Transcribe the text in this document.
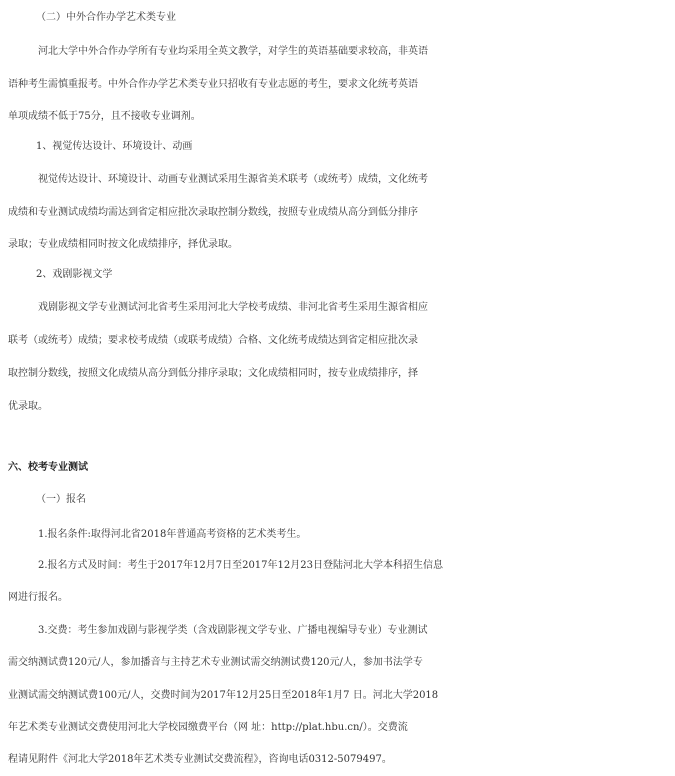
（二）中外合作办学艺术类专业
河北大学中外合作办学所有专业均采用全英文教学，对学生的英语基础要求较高，非英语
语种考生需慎重报考。中外合作办学艺术类专业只招收有专业志愿的考生，要求文化统考英语
单项成绩不低于75分，且不接收专业调剂。
1、视觉传达设计、环境设计、动画
视觉传达设计、环境设计、动画专业测试采用生源省美术联考（或统考）成绩，文化统考
成绩和专业测试成绩均需达到省定相应批次录取控制分数线，按照专业成绩从高分到低分排序
录取；专业成绩相同时按文化成绩排序，择优录取。
2、戏剧影视文学
戏剧影视文学专业测试河北省考生采用河北大学校考成绩、非河北省考生采用生源省相应
联考（或统考）成绩；要求校考成绩（或联考成绩）合格、文化统考成绩达到省定相应批次录
取控制分数线，按照文化成绩从高分到低分排序录取；文化成绩相同时，按专业成绩排序，择
优录取。
六、校考专业测试
（一）报名
1.报名条件:取得河北省2018年普通高考资格的艺术类考生。
2.报名方式及时间：考生于2017年12月7日至2017年12月23日登陆河北大学本科招生信息
网进行报名。
3.交费：考生参加戏剧与影视学类（含戏剧影视文学专业、广播电视编导专业）专业测试
需交纳测试费120元/人，参加播音与主持艺术专业测试需交纳测试费120元/人，参加书法学专
业测试需交纳测试费100元/人，交费时间为2017年12月25日至2018年1月7 日。河北大学2018
年艺术类专业测试交费使用河北大学校园缴费平台（网 址：http://plat.hbu.cn/）。交费流
程请见附件《河北大学2018年艺术类专业测试交费流程》，咨询电话0312-5079497。
